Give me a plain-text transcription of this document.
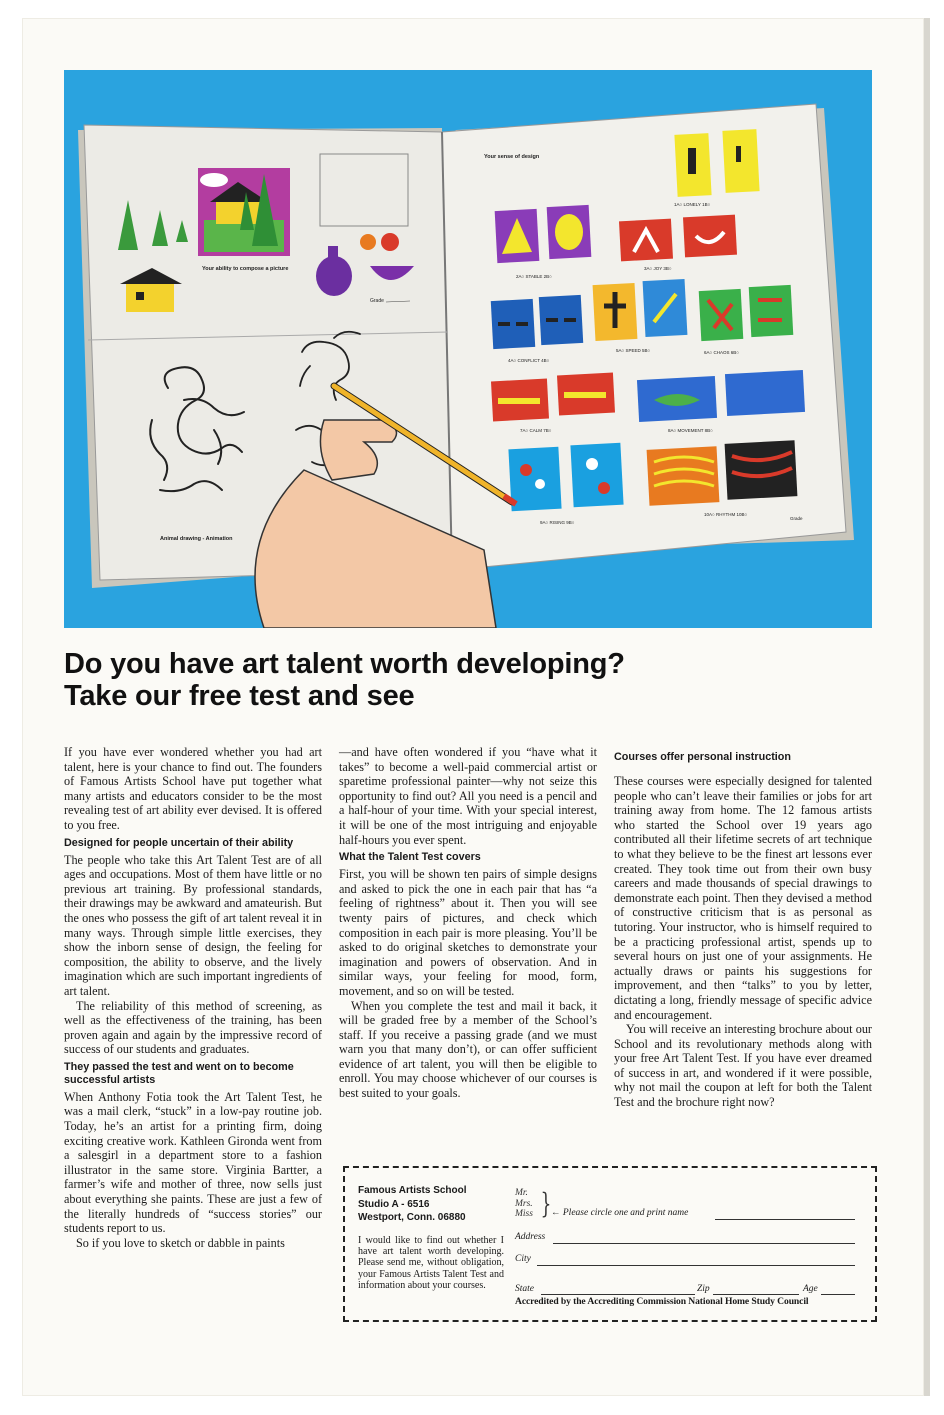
Your ability to compose a picture
Grade
Animal drawing - Animation
Your sense of design
1A○ LONELY 1B○
2A○ STABLE 2B○
3A○ JOY 3B○
4A○ CONFLICT 4B○
5A○ SPEED 5B○	6A○ CHAOS 6B○
7A○ CALM 7B○	8A○ MOVEMENT 8B○
9A○ RISING 9B○
10A○ RHYTHM 10B○
Grade
Do you have art talent worth developing?
Take our free test and see

If you have ever wondered whether you had art talent, here is your chance to find out. The founders of Famous Artists School have put together what many artists and educators consider to be the most revealing test of art ability ever devised. It is offered to you free.

Designed for people uncertain of their ability

The people who take this Art Talent Test are of all ages and occupations. Most of them have little or no previous art training. By professional standards, their drawings may be awkward and amateurish. But the ones who possess the gift of art talent reveal it in many ways. Through simple little exercises, they show the inborn sense of design, the feeling for composition, the ability to observe, and the lively imagination which are such important ingredients of art talent.

The reliability of this method of screening, as well as the effectiveness of the training, has been proven again and again by the impressive record of success of our students and graduates.

They passed the test and went on to become successful artists

When Anthony Fotia took the Art Talent Test, he was a mail clerk, “stuck” in a low-pay routine job. Today, he’s an artist for a printing firm, doing exciting creative work. Kathleen Gironda went from a salesgirl in a department store to a fashion illustrator in the same store. Virginia Bartter, a farmer’s wife and mother of three, now sells just about everything she paints. These are just a few of the literally hundreds of “success stories” our students report to us.

So if you love to sketch or dabble in paints

—and have often wondered if you “have what it takes” to become a well-paid commercial artist or sparetime professional painter—why not seize this opportunity to find out? All you need is a pencil and a half-hour of your time. With your special interest, it will be one of the most intriguing and enjoyable half-hours you ever spent.

What the Talent Test covers

First, you will be shown ten pairs of simple designs and asked to pick the one in each pair that has “a feeling of rightness” about it. Then you will see twenty pairs of pictures, and check which composition in each pair is more pleasing. You’ll be asked to do original sketches to demonstrate your imagination and powers of observation. And in similar ways, your feeling for mood, form, movement, and so on will be tested.

When you complete the test and mail it back, it will be graded free by a member of the School’s staff. If you receive a passing grade (and we must warn you that many don’t), or can offer sufficient evidence of art talent, you will then be eligible to enroll. You may choose whichever of our courses is best suited to your goals.

Courses offer personal instruction

These courses were especially designed for talented people who can’t leave their families or jobs for art training away from home. The 12 famous artists who started the School over 19 years ago contributed all their lifetime secrets of art technique to what they believe to be the finest art lessons ever created. They took time out from their own busy careers and made thousands of special drawings to demonstrate each point. Then they devised a method of constructive criticism that is as personal as tutoring. Your instructor, who is himself required to be a practicing professional artist, spends up to several hours on just one of your assignments. He actually draws or paints his suggestions for improvement, and then “talks” to you by letter, dictating a long, friendly message of specific advice and encouragement.

You will receive an interesting brochure about our School and its revolutionary methods along with your free Art Talent Test. If you have ever dreamed of success in art, and wondered if it were possible, why not mail the coupon at left for both the Talent Test and the brochure right now?

Famous Artists School
Studio A - 6516
Westport, Conn. 06880
I would like to find out whether I have art talent worth developing. Please send me, without obligation, your Famous Artists Talent Test and information about your courses.
Mr.
Mrs.
Miss } ← Please circle one and print name
Address
City
State	Zip	Age
Accredited by the Accrediting Commission National Home Study Council
